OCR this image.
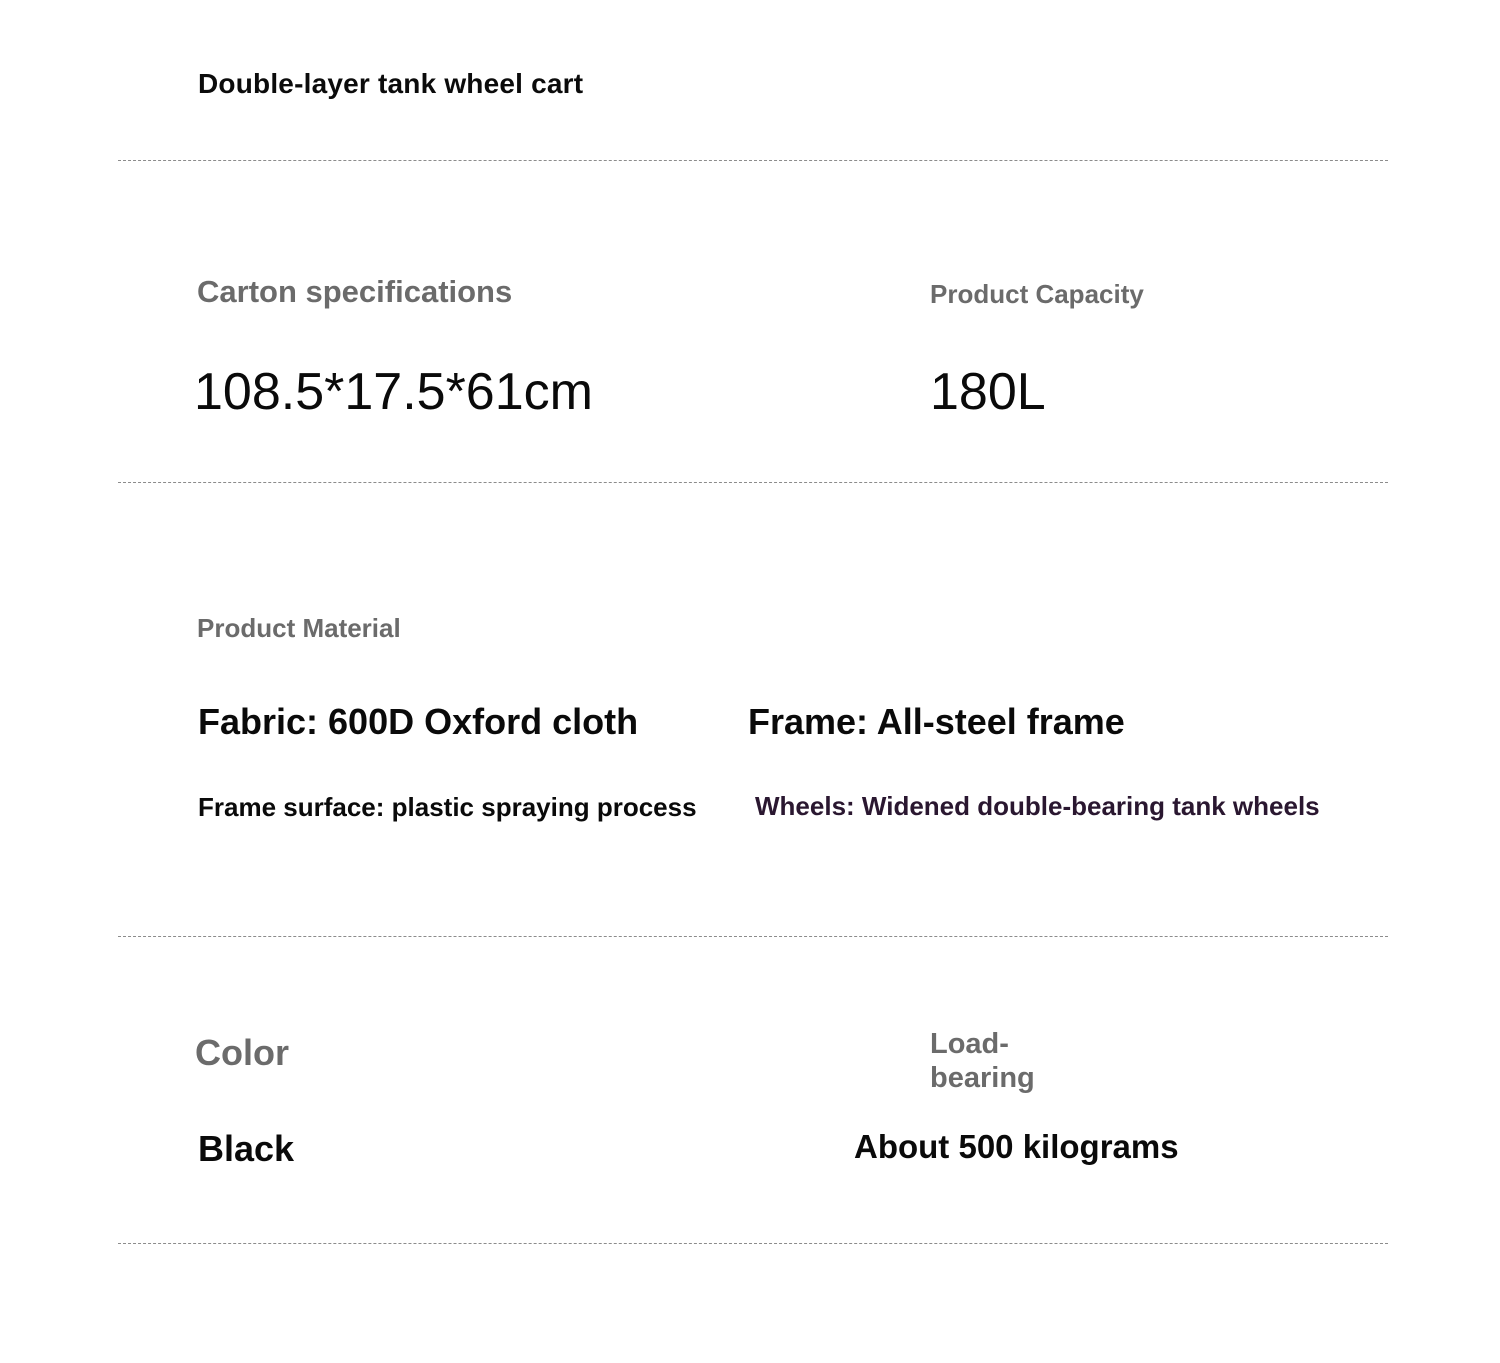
Double-layer tank wheel cart
Carton specifications
108.5*17.5*61cm
Product Capacity
180L
Product Material
Fabric: 600D Oxford cloth	Frame: All-steel frame
Frame surface: plastic spraying process Wheels: Widened double-bearing tank wheels
Color
Black
Load-
bearing
About 500 kilograms
